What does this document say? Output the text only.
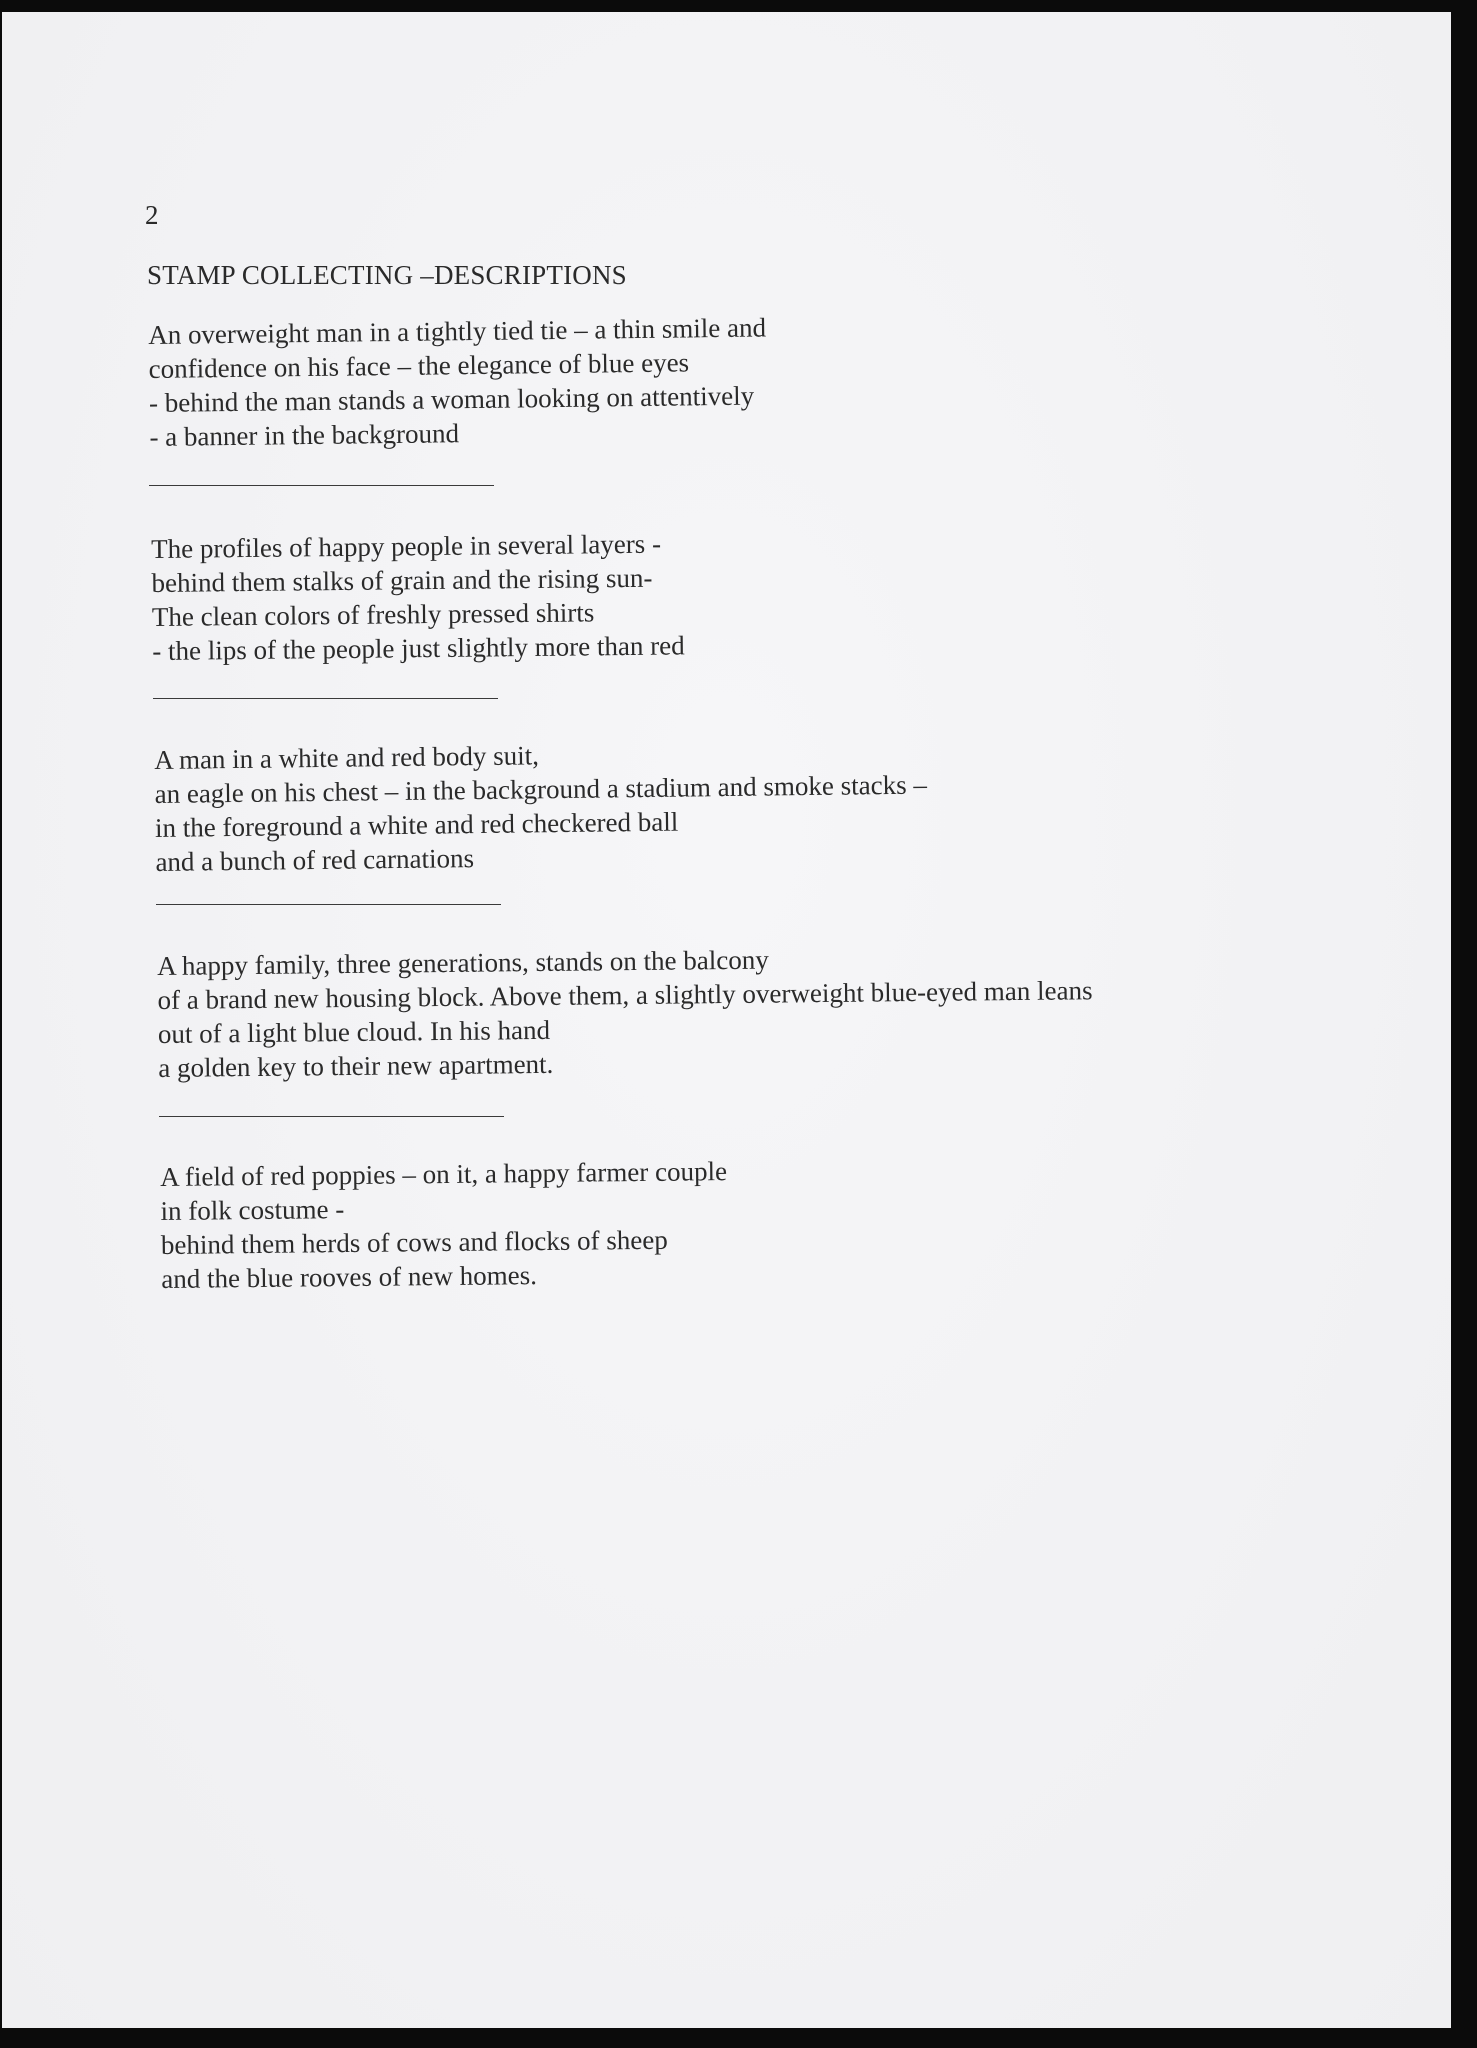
2
STAMP COLLECTING –DESCRIPTIONS
An overweight man in a tightly tied tie – a thin smile and
confidence on his face – the elegance of blue eyes
- behind the man stands a woman looking on attentively
- a banner in the background
The profiles of happy people in several layers -
behind them stalks of grain and the rising sun-
The clean colors of freshly pressed shirts
- the lips of the people just slightly more than red
A man in a white and red body suit,
an eagle on his chest – in the background a stadium and smoke stacks –
in the foreground a white and red checkered ball
and a bunch of red carnations
A happy family, three generations, stands on the balcony
of a brand new housing block. Above them, a slightly overweight blue-eyed man leans
out of a light blue cloud. In his hand
a golden key to their new apartment.
A field of red poppies – on it, a happy farmer couple
in folk costume -
behind them herds of cows and flocks of sheep
and the blue rooves of new homes.
